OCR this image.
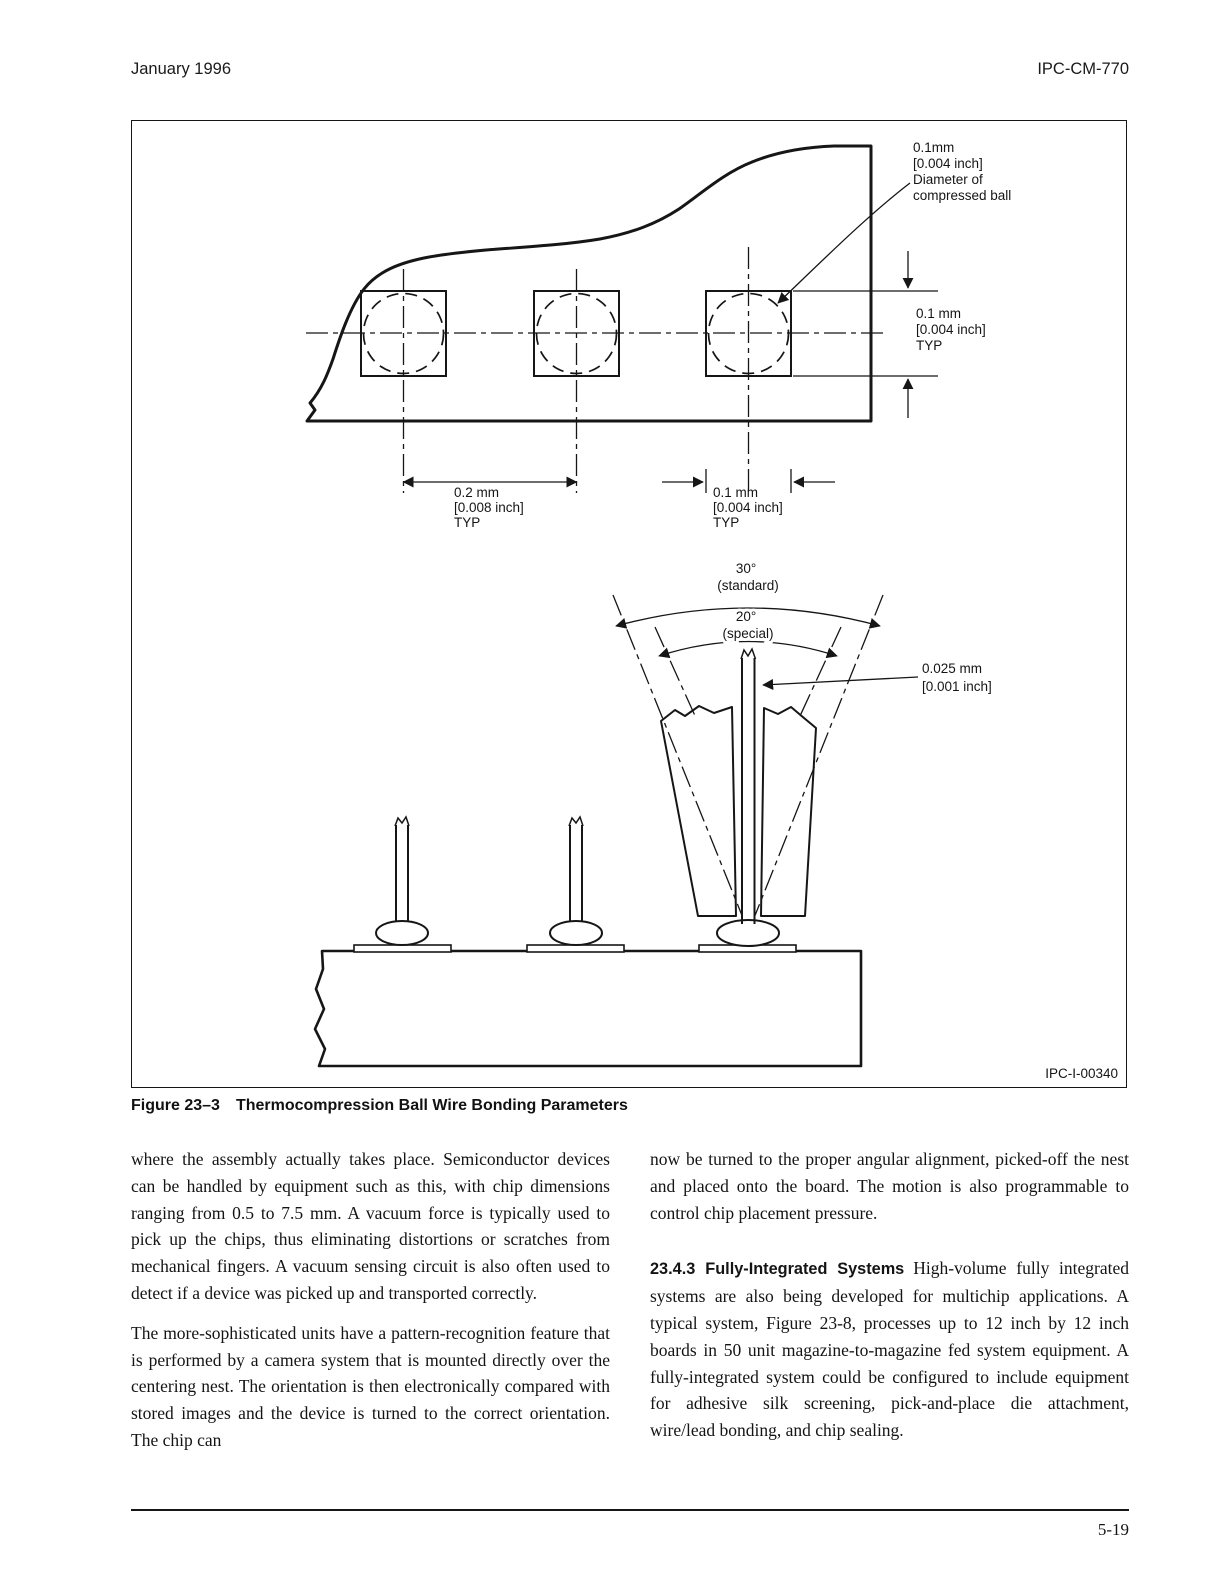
January 1996	IPC-CM-770
0.1mm [0.004 inch] Diameter of compressed ball
0.1 mm [0.004 inch] TYP
0.2 mm [0.008 inch] TYP
0.1 mm [0.004 inch] TYP
30° (standard)
20° (special)
0.025 mm [0.001 inch]
IPC-I-00340
Figure 23–3 Thermocompression Ball Wire Bonding Parameters

where the assembly actually takes place. Semiconductor devices can be handled by equipment such as this, with chip dimensions ranging from 0.5 to 7.5 mm. A vacuum force is typically used to pick up the chips, thus eliminating distortions or scratches from mechanical fingers. A vacuum sensing circuit is also often used to detect if a device was picked up and transported correctly.

The more-sophisticated units have a pattern-recognition feature that is performed by a camera system that is mounted directly over the centering nest. The orientation is then electronically compared with stored images and the device is turned to the correct orientation. The chip can

now be turned to the proper angular alignment, picked-off the nest and placed onto the board. The motion is also programmable to control chip placement pressure.

23.4.3 Fully-Integrated Systems High-volume fully integrated systems are also being developed for multichip applications. A typical system, Figure 23-8, processes up to 12 inch by 12 inch boards in 50 unit magazine-to-magazine fed system equipment. A fully-integrated system could be configured to include equipment for adhesive silk screening, pick-and-place die attachment, wire/lead bonding, and chip sealing.

5-19
